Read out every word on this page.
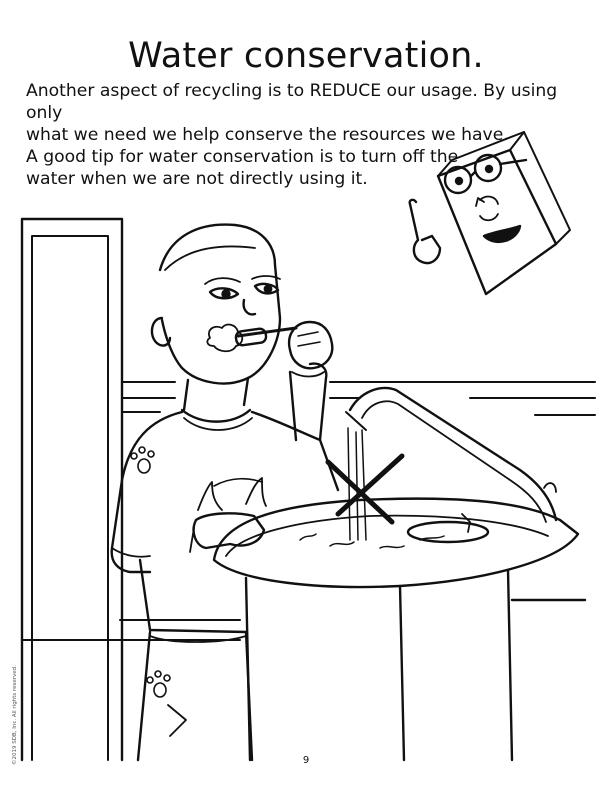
Water conservation.

Another aspect of recycling is to REDUCE our usage. By using only

what we need we help conserve the resources we have.

A good tip for water conservation is to turn off the

water when we are not directly using it.

9
©2019 SDB, Inc. All rights reserved.
